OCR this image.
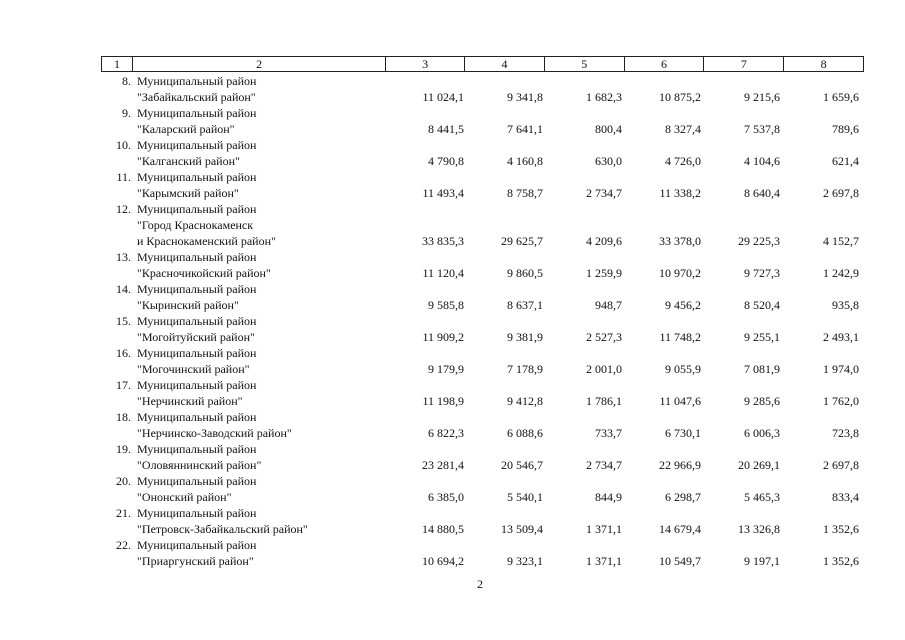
1	2	3	4	5	6	7	8
8. Муниципальный район
"Забайкальский район"	11 024,1	9 341,8	1 682,3	10 875,2	9 215,6	1 659,6
9. Муниципальный район
"Каларский район"	8 441,5	7 641,1	800,4	8 327,4	7 537,8	789,6
10. Муниципальный район
"Калганский район"	4 790,8	4 160,8	630,0	4 726,0	4 104,6	621,4
11. Муниципальный район
"Карымский район"	11 493,4	8 758,7	2 734,7	11 338,2	8 640,4	2 697,8
12. Муниципальный район
"Город Краснокаменск
и Краснокаменский район"	33 835,3	29 625,7	4 209,6	33 378,0	29 225,3	4 152,7
13. Муниципальный район
"Красночикойский район"	11 120,4	9 860,5	1 259,9	10 970,2	9 727,3	1 242,9
14. Муниципальный район
"Кыринский район"	9 585,8	8 637,1	948,7	9 456,2	8 520,4	935,8
15. Муниципальный район
"Могойтуйский район"	11 909,2	9 381,9	2 527,3	11 748,2	9 255,1	2 493,1
16. Муниципальный район
"Могочинский район"	9 179,9	7 178,9	2 001,0	9 055,9	7 081,9	1 974,0
17. Муниципальный район
"Нерчинский район"	11 198,9	9 412,8	1 786,1	11 047,6	9 285,6	1 762,0
18. Муниципальный район
"Нерчинско-Заводский район"	6 822,3	6 088,6	733,7	6 730,1	6 006,3	723,8
19. Муниципальный район
"Оловяннинский район"	23 281,4	20 546,7	2 734,7	22 966,9	20 269,1	2 697,8
20. Муниципальный район
"Ононский район"	6 385,0	5 540,1	844,9	6 298,7	5 465,3	833,4
21. Муниципальный район
"Петровск-Забайкальский район"	14 880,5	13 509,4	1 371,1	14 679,4	13 326,8	1 352,6
22. Муниципальный район
"Приаргунский район"	10 694,2	9 323,1	1 371,1	10 549,7	9 197,1	1 352,6
2
